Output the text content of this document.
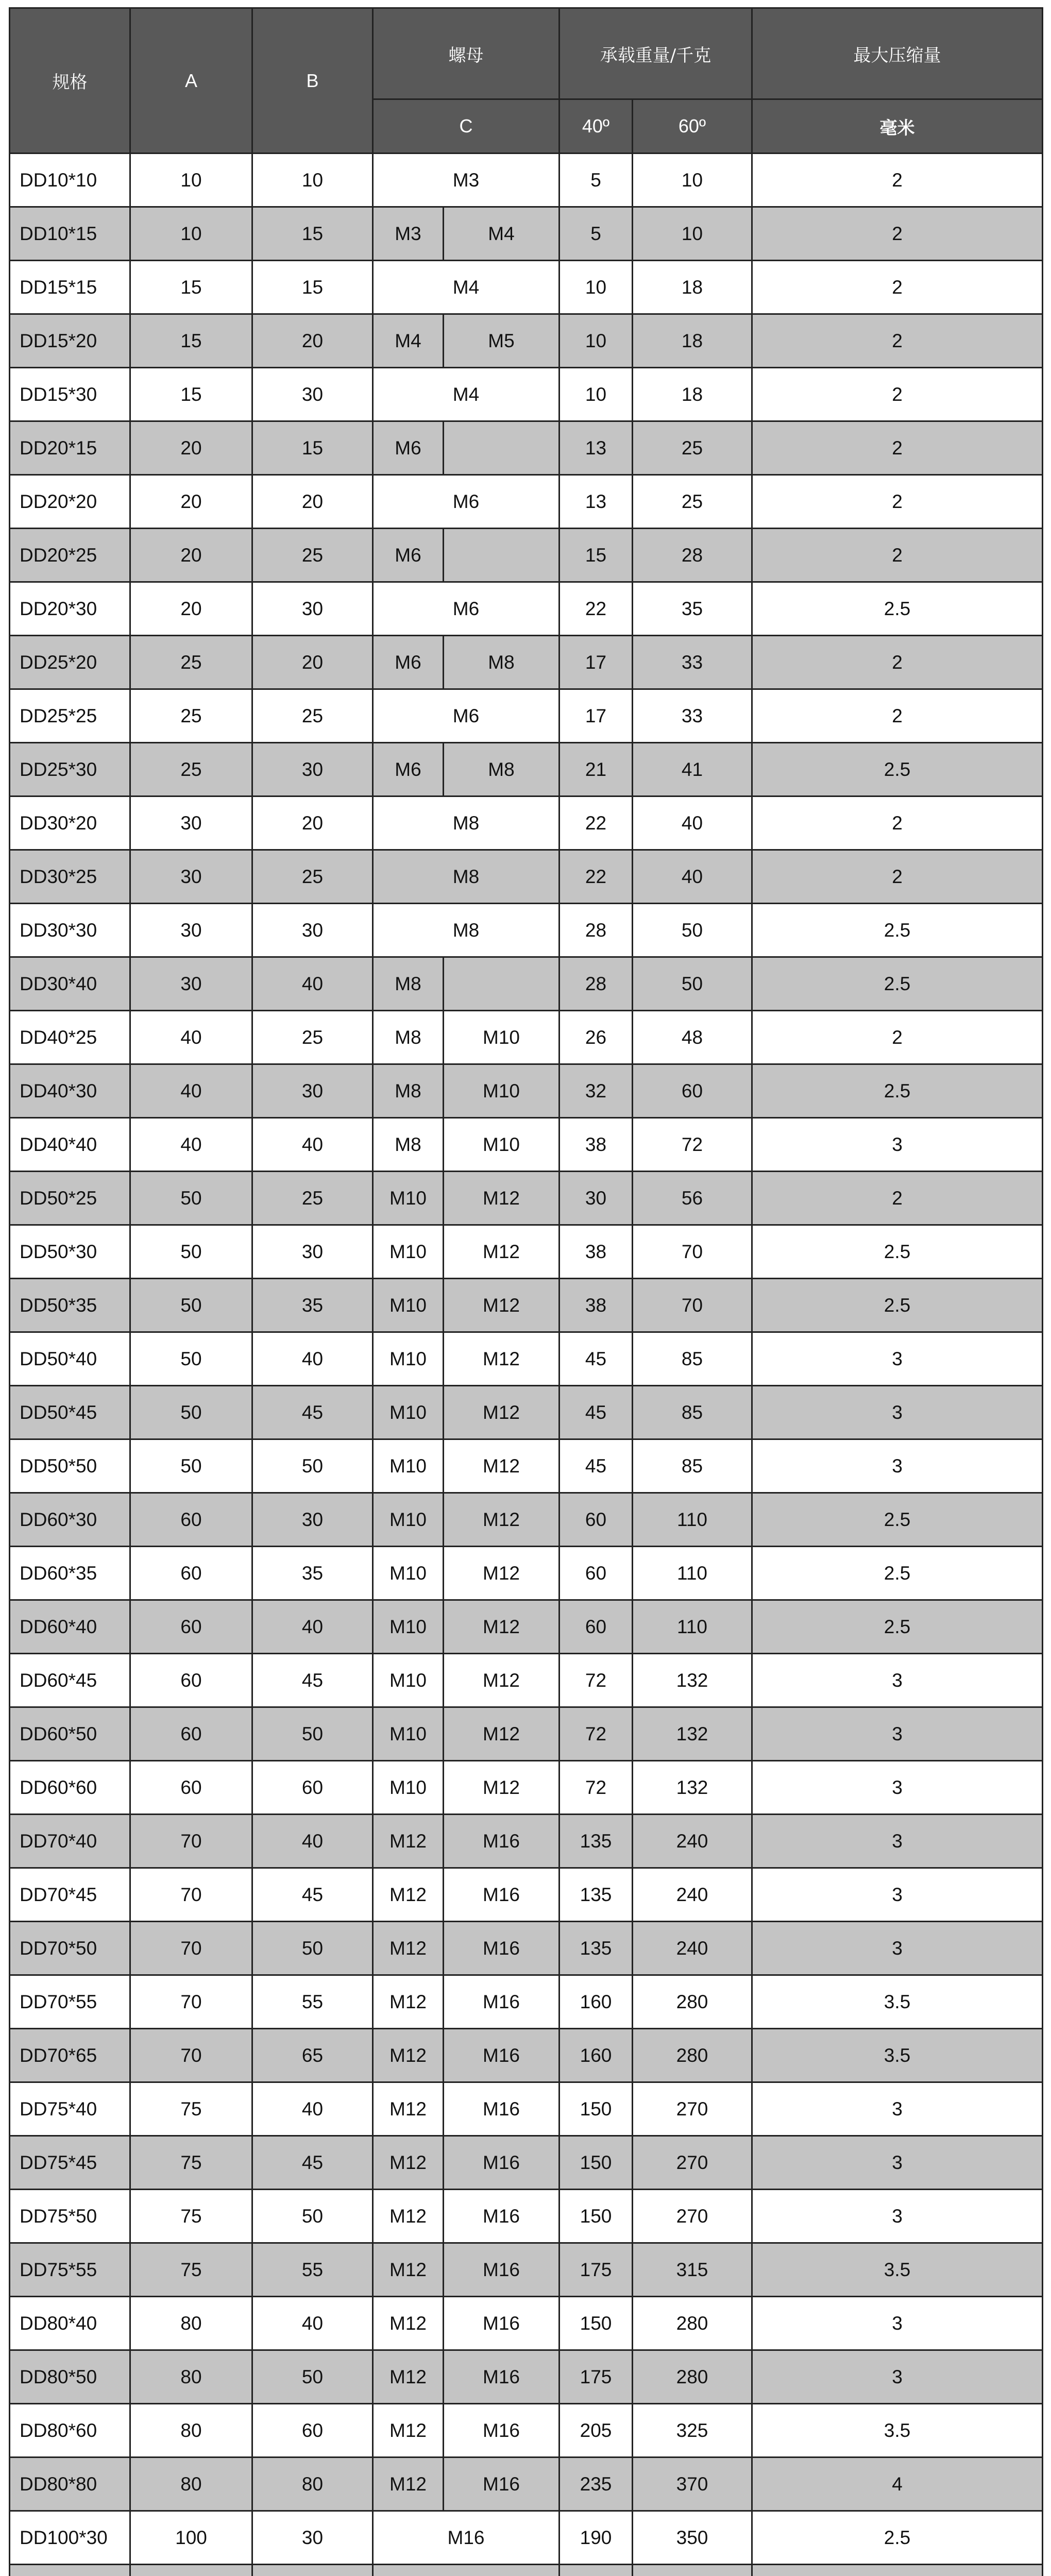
规格	A	B	螺母		承载重量/千克		最大压缩量
			C		40º	60º	毫米
DD10*10	10	10	M3		5	10	2
DD10*15	10	15	M3	M4	5	10	2
DD15*15	15	15	M4		10	18	2
DD15*20	15	20	M4	M5	10	18	2
DD15*30	15	30	M4		10	18	2
DD20*15	20	15	M6		13	25	2
DD20*20	20	20	M6		13	25	2
DD20*25	20	25	M6		15	28	2
DD20*30	20	30	M6		22	35	2.5
DD25*20	25	20	M6	M8	17	33	2
DD25*25	25	25	M6		17	33	2
DD25*30	25	30	M6	M8	21	41	2.5
DD30*20	30	20	M8		22	40	2
DD30*25	30	25	M8		22	40	2
DD30*30	30	30	M8		28	50	2.5
DD30*40	30	40	M8		28	50	2.5
DD40*25	40	25	M8	M10	26	48	2
DD40*30	40	30	M8	M10	32	60	2.5
DD40*40	40	40	M8	M10	38	72	3
DD50*25	50	25	M10	M12	30	56	2
DD50*30	50	30	M10	M12	38	70	2.5
DD50*35	50	35	M10	M12	38	70	2.5
DD50*40	50	40	M10	M12	45	85	3
DD50*45	50	45	M10	M12	45	85	3
DD50*50	50	50	M10	M12	45	85	3
DD60*30	60	30	M10	M12	60	110	2.5
DD60*35	60	35	M10	M12	60	110	2.5
DD60*40	60	40	M10	M12	60	110	2.5
DD60*45	60	45	M10	M12	72	132	3
DD60*50	60	50	M10	M12	72	132	3
DD60*60	60	60	M10	M12	72	132	3
DD70*40	70	40	M12	M16	135	240	3
DD70*45	70	45	M12	M16	135	240	3
DD70*50	70	50	M12	M16	135	240	3
DD70*55	70	55	M12	M16	160	280	3.5
DD70*65	70	65	M12	M16	160	280	3.5
DD75*40	75	40	M12	M16	150	270	3
DD75*45	75	45	M12	M16	150	270	3
DD75*50	75	50	M12	M16	150	270	3
DD75*55	75	55	M12	M16	175	315	3.5
DD80*40	80	40	M12	M16	150	280	3
DD80*50	80	50	M12	M16	175	280	3
DD80*60	80	60	M12	M16	205	325	3.5
DD80*80	80	80	M12	M16	235	370	4
DD100*30	100	30	M16		190	350	2.5
